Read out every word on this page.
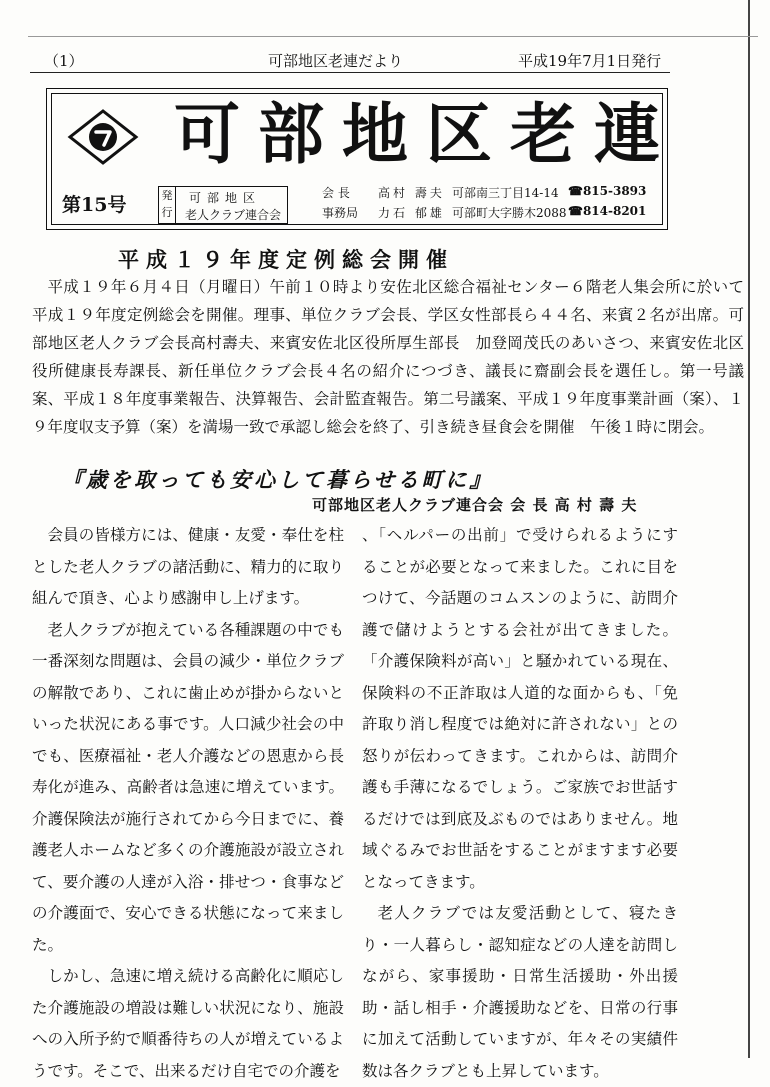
（1）	可部地区老連だより	平成19年7月1日発行
可部地区老連
第15号	発
行
可部地区
老人クラブ連合会
会 長 高村 壽夫 可部南三丁目14-14 ☎815-3893
事務局 力石 郁雄 可部町大字勝木2088 ☎814-8201
平成１９年度定例総会開催
平成１９年６月４日（月曜日）午前１０時より安佐北区総合福祉センター６階老人集会所に於いて平成１９年度定例総会を開催。理事、単位クラブ会長、学区女性部長ら４４名、来賓２名が出席。可部地区老人クラブ会長高村壽夫、来賓安佐北区役所厚生部長　加登岡茂氏のあいさつ、来賓安佐北区役所健康長寿課長、新任単位クラブ会長４名の紹介につづき、議長に齋副会長を選任し。第一号議案、平成１８年度事業報告、決算報告、会計監査報告。第二号議案、平成１９年度事業計画（案）、１９年度収支予算（案）を満場一致で承認し総会を終了、引き続き昼食会を開催　午後１時に閉会。
『歳を取っても安心して暮らせる町に』
可部地区老人クラブ連合会 会 長 高 村 壽 夫

会員の皆様方には、健康・友愛・奉仕を柱とした老人クラブの諸活動に、精力的に取り組んで頂き、心より感謝申し上げます。

老人クラブが抱えている各種課題の中でも一番深刻な問題は、会員の減少・単位クラブの解散であり、これに歯止めが掛からないといった状況にある事です。人口減少社会の中でも、医療福祉・老人介護などの恩恵から長寿化が進み、高齢者は急速に増えています。介護保険法が施行されてから今日までに、養護老人ホームなど多くの介護施設が設立されて、要介護の人達が入浴・排せつ・食事などの介護面で、安心できる状態になって来ました。

しかし、急速に増え続ける高齢化に順応した介護施設の増設は難しい状況になり、施設への入所予約で順番待ちの人が増えているようです。そこで、出来るだけ自宅での介護を

、「ヘルパーの出前」で受けられるようにすることが必要となって来ました。これに目をつけて、今話題のコムスンのように、訪問介護で儲けようとする会社が出てきました。「介護保険料が高い」と騒かれている現在、保険料の不正詐取は人道的な面からも、「免許取り消し程度では絶対に許されない」との怒りが伝わってきます。これからは、訪問介護も手薄になるでしょう。ご家族でお世話するだけでは到底及ぶものではありません。地域ぐるみでお世話をすることがますます必要となってきます。

老人クラブでは友愛活動として、寝たきり・一人暮らし・認知症などの人達を訪問しながら、家事援助・日常生活援助・外出援助・話し相手・介護援助などを、日常の行事に加えて活動していますが、年々その実績件数は各クラブとも上昇しています。
